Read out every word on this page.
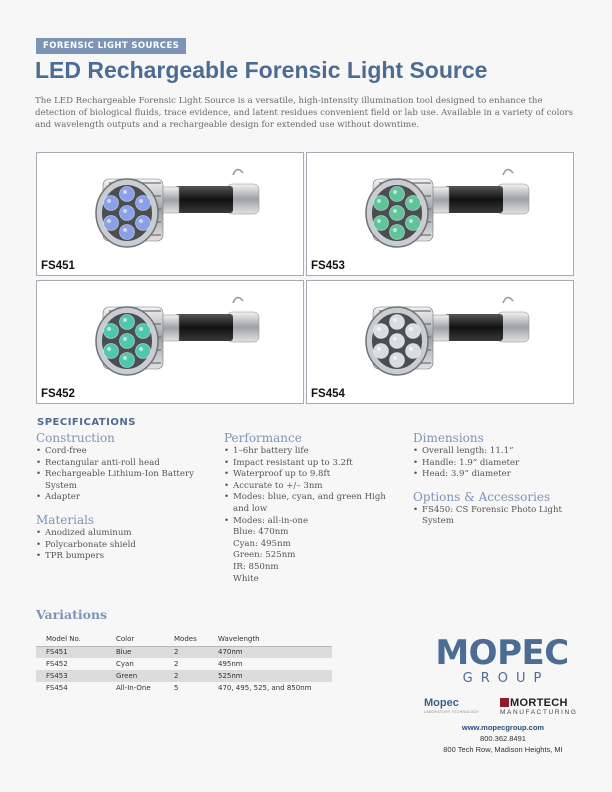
FORENSIC LIGHT SOURCES
LED Rechargeable Forensic Light Source

The LED Rechargeable Forensic Light Source is a versatile, high-intensity illumination tool designed to enhance the detection of biological fluids, trace evidence, and latent residues convenient field or lab use. Available in a variety of colors and wavelength outputs and a rechargeable design for extended use without downtime.

FS451	FS453
FS452	FS454
SPECIFICATIONS
Construction
• Cord-free
• Rectangular anti-roll head
• Rechargeable Lithium-Ion Battery System
• Adapter
Materials
• Anodized aluminum
• Polycarbonate shield
• TPR bumpers
Performance
• 1–6hr battery life
• Impact resistant up to 3.2ft
• Waterproof up to 9.8ft
• Accurate to +/– 3nm
• Modes: blue, cyan, and green High and low
• Modes: all-in-one
Blue: 470nm
Cyan: 495nm
Green: 525nm
IR: 850nm
White
Dimensions
• Overall length: 11.1”
• Handle: 1.9” diameter
• Head: 3.9” diameter
Options & Accessories
• FS450: CS Forensic Photo Light System
Variations
Model No.	Color	Modes	Wavelength
FS451	Blue	2	470nm
FS452	Cyan	2	495nm
FS453	Green	2	525nm
FS454	All-In-One	5	470, 495, 525, and 850nm
MOPEC
GROUP
Mopec
LABORATORY TECHNOLOGY
MORTECH
MANUFACTURING
www.mopecgroup.com
800.362.8491
800 Tech Row, Madison Heights, MI
